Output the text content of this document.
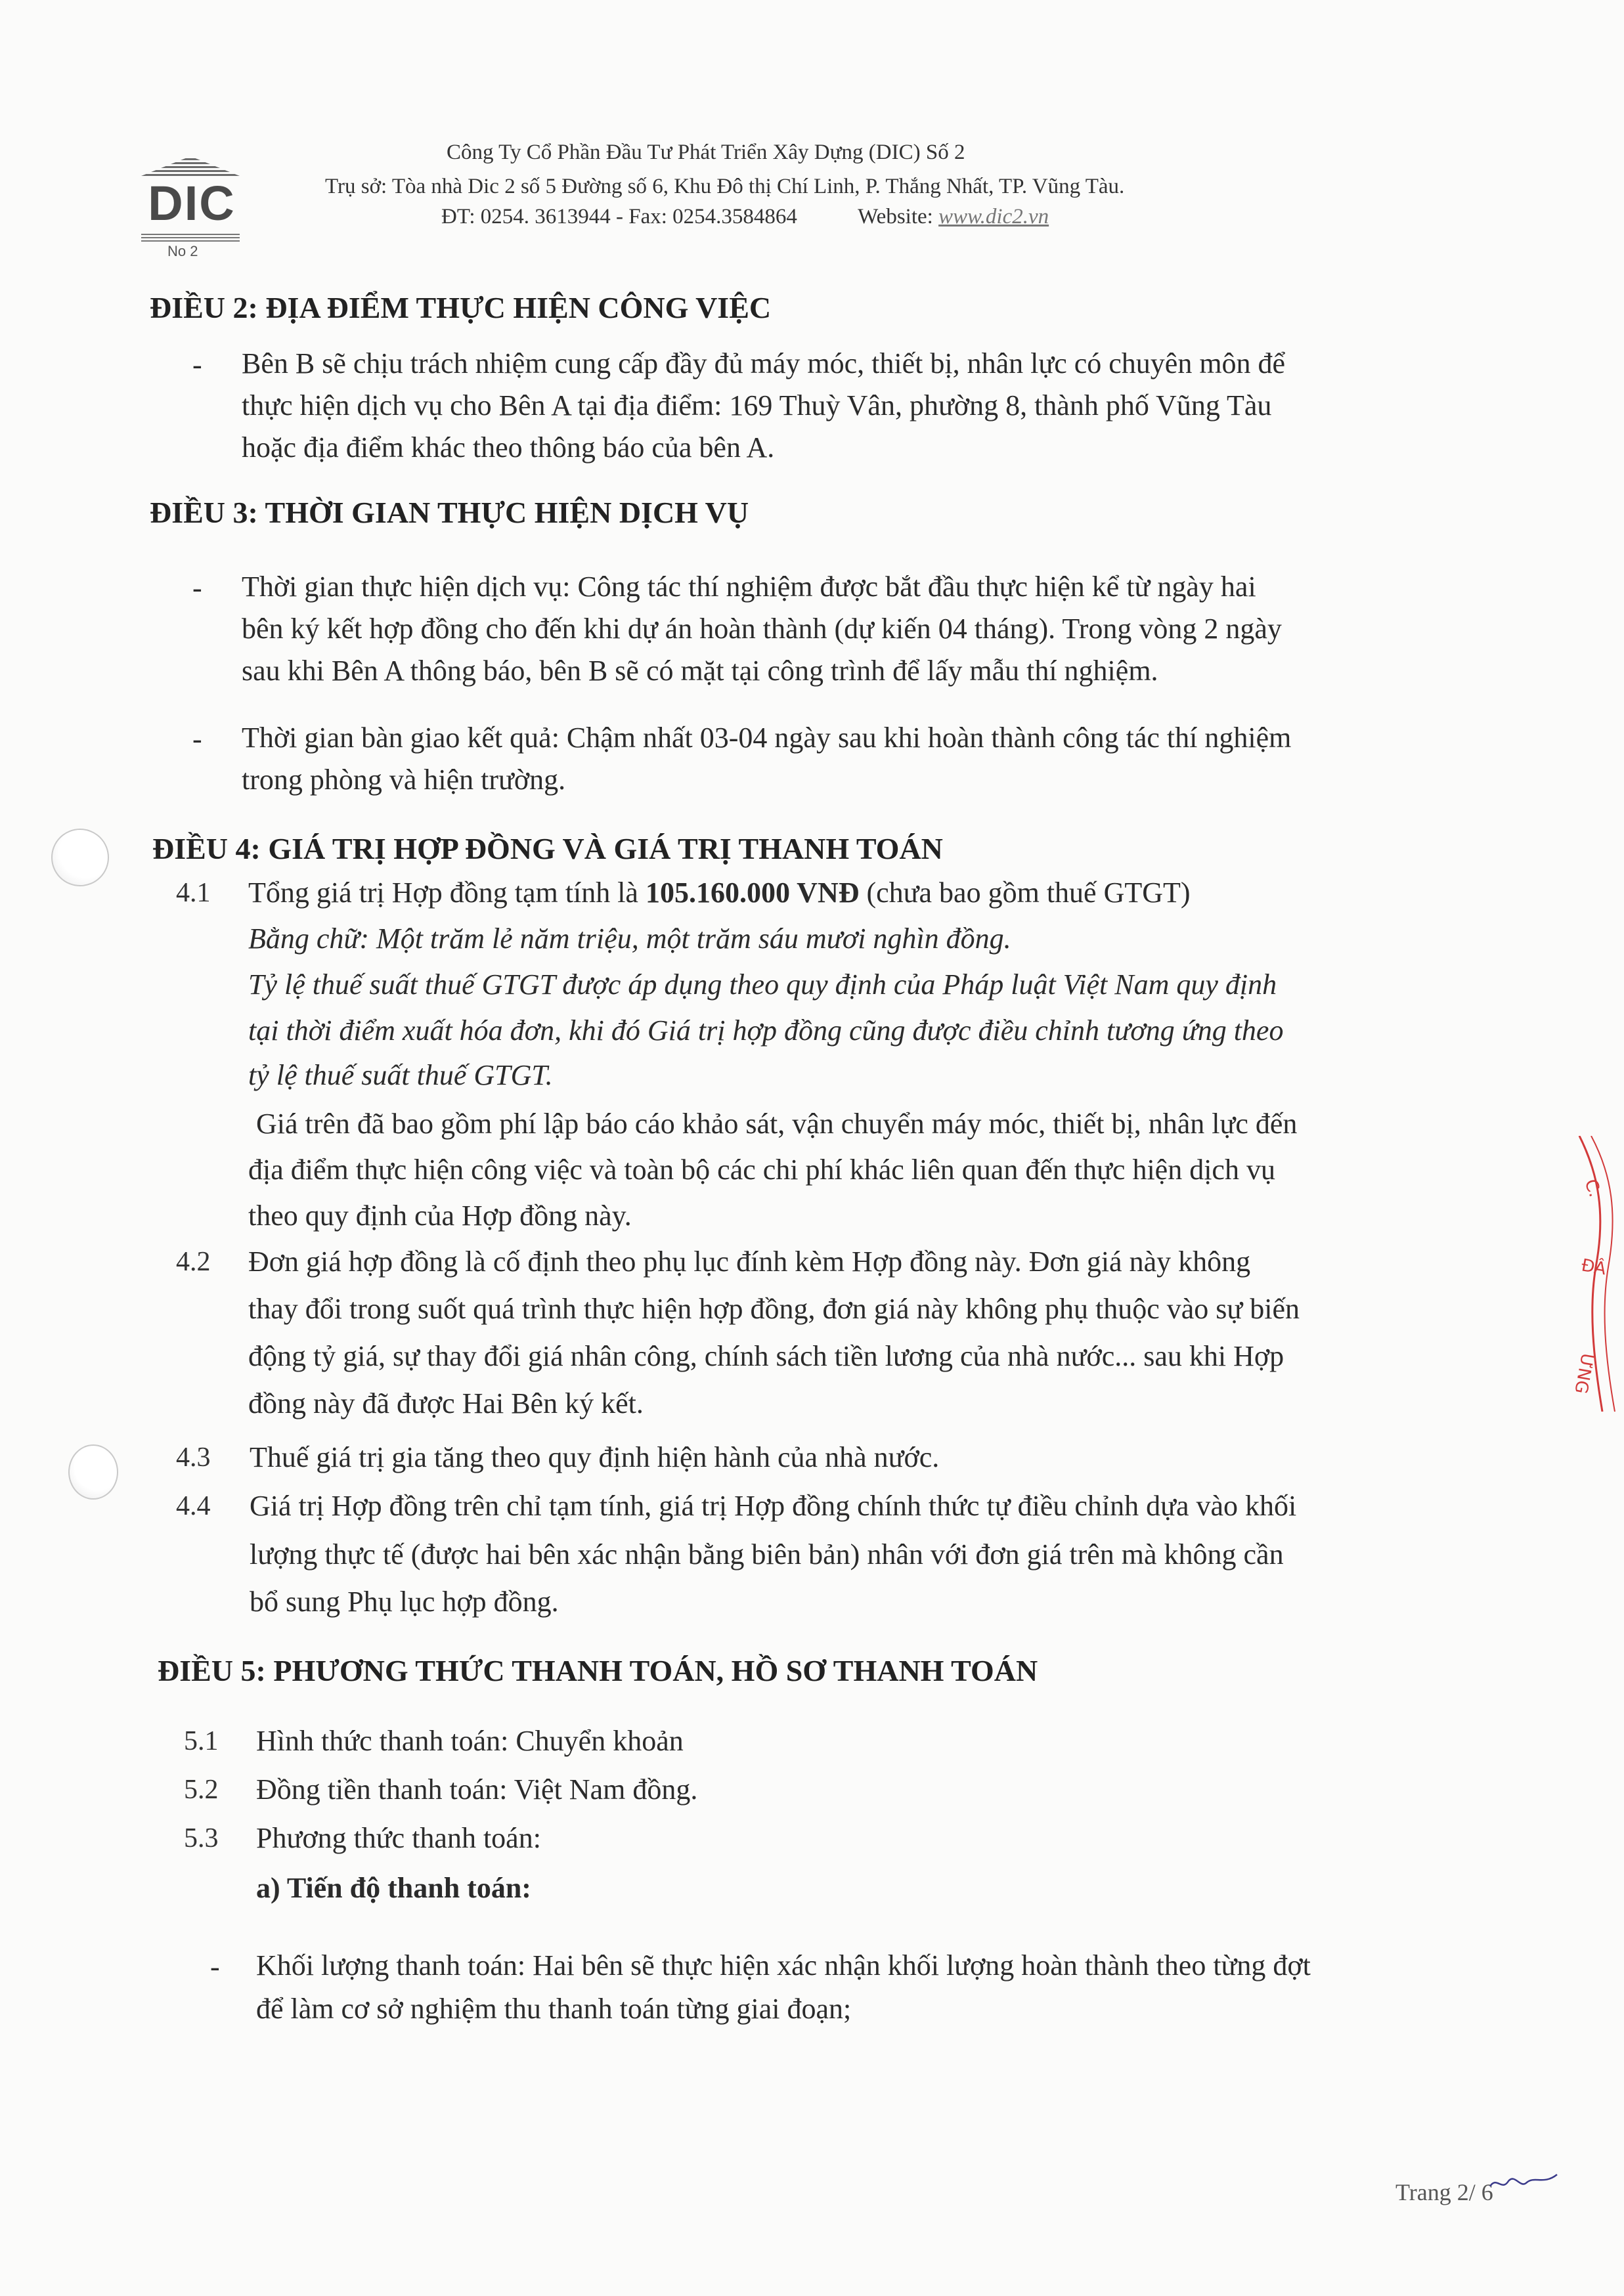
DIC
No 2
Công Ty Cổ Phần Đầu Tư Phát Triển Xây Dựng (DIC) Số 2
Trụ sở: Tòa nhà Dic 2 số 5 Đường số 6, Khu Đô thị Chí Linh, P. Thắng Nhất, TP. Vũng Tàu.
ĐT: 0254. 3613944 - Fax: 0254.3584864	Website: www.dic2.vn
ĐIỀU 2: ĐỊA ĐIỂM THỰC HIỆN CÔNG VIỆC
- Bên B sẽ chịu trách nhiệm cung cấp đầy đủ máy móc, thiết bị, nhân lực có chuyên môn để
thực hiện dịch vụ cho Bên A tại địa điểm: 169 Thuỳ Vân, phường 8, thành phố Vũng Tàu
hoặc địa điểm khác theo thông báo của bên A.
ĐIỀU 3: THỜI GIAN THỰC HIỆN DỊCH VỤ
- Thời gian thực hiện dịch vụ: Công tác thí nghiệm được bắt đầu thực hiện kể từ ngày hai
bên ký kết hợp đồng cho đến khi dự án hoàn thành (dự kiến 04 tháng). Trong vòng 2 ngày
sau khi Bên A thông báo, bên B sẽ có mặt tại công trình để lấy mẫu thí nghiệm.
- Thời gian bàn giao kết quả: Chậm nhất 03-04 ngày sau khi hoàn thành công tác thí nghiệm
trong phòng và hiện trường.
ĐIỀU 4: GIÁ TRỊ HỢP ĐỒNG VÀ GIÁ TRỊ THANH TOÁN
4.1 Tổng giá trị Hợp đồng tạm tính là 105.160.000 VNĐ (chưa bao gồm thuế GTGT)
Bằng chữ: Một trăm lẻ năm triệu, một trăm sáu mươi nghìn đồng.
Tỷ lệ thuế suất thuế GTGT được áp dụng theo quy định của Pháp luật Việt Nam quy định
tại thời điểm xuất hóa đơn, khi đó Giá trị hợp đồng cũng được điều chỉnh tương ứng theo
tỷ lệ thuế suất thuế GTGT.
Giá trên đã bao gồm phí lập báo cáo khảo sát, vận chuyển máy móc, thiết bị, nhân lực đến
địa điểm thực hiện công việc và toàn bộ các chi phí khác liên quan đến thực hiện dịch vụ
theo quy định của Hợp đồng này.
4.2 Đơn giá hợp đồng là cố định theo phụ lục đính kèm Hợp đồng này. Đơn giá này không
thay đổi trong suốt quá trình thực hiện hợp đồng, đơn giá này không phụ thuộc vào sự biến
động tỷ giá, sự thay đổi giá nhân công, chính sách tiền lương của nhà nước... sau khi Hợp
đồng này đã được Hai Bên ký kết.
4.3 Thuế giá trị gia tăng theo quy định hiện hành của nhà nước.
4.4 Giá trị Hợp đồng trên chỉ tạm tính, giá trị Hợp đồng chính thức tự điều chỉnh dựa vào khối
lượng thực tế (được hai bên xác nhận bằng biên bản) nhân với đơn giá trên mà không cần
bổ sung Phụ lục hợp đồng.
ĐIỀU 5: PHƯƠNG THỨC THANH TOÁN, HỒ SƠ THANH TOÁN
5.1 Hình thức thanh toán: Chuyển khoản
5.2 Đồng tiền thanh toán: Việt Nam đồng.
5.3 Phương thức thanh toán:
a) Tiến độ thanh toán:
- Khối lượng thanh toán: Hai bên sẽ thực hiện xác nhận khối lượng hoàn thành theo từng đợt
để làm cơ sở nghiệm thu thanh toán từng giai đoạn;
C.
ĐÂ
ỨNG
Trang 2/ 6
